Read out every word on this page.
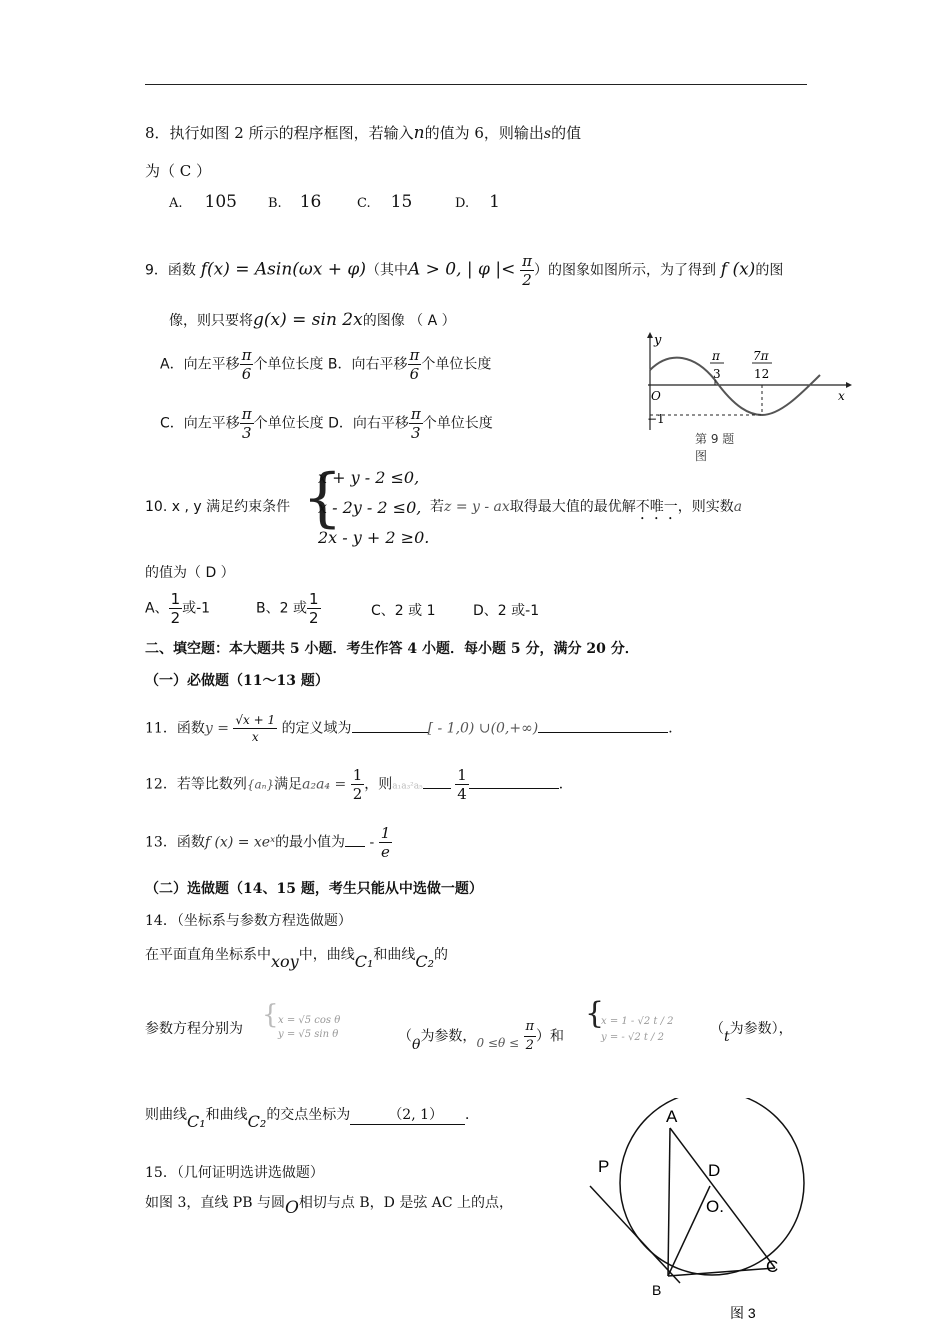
8．执行如图 2 所示的程序框图，若输入n的值为 6，则输出s的值
为（ C ）
A. 105 B. 16	C. 15	D. 1
9．函数 f(x) = Asin(ωx + φ)（其中A > 0, | φ |< $\frac{\pi}{2}$ ）的图象如图所示，为了得到 f (x)的图
像，则只要将g(x) = sin 2x的图像 （ A ）
A．向左平移 $\frac{\pi}{6}$ 个单位长度 B．向右平移 $\frac{\pi}{6}$ 个单位长度
C．向左平移 $\frac{\pi}{3}$ 个单位长度 D．向右平移 $\frac{\pi}{3}$ 个单位长度
y
x
O
π
3
7π
12
−1
第 9 题
图
10. x , y 满足约束条件 {
x + y - 2 ≤0,
x - 2y - 2 ≤0,
2x - y + 2 ≥0.
若z = y - ax取得最大值的最优解不唯一，则实数a
的值为（ D ）
A、 $\frac{1}{2}$ 或-1	B、2 或 $\frac{1}{2}$	C、2 或 1	D、2 或-1
二、填空题：本大题共 5 小题．考生作答 4 小题．每小题 5 分，满分 20 分．
（一）必做题（11～13 题）
11．函数$y = \frac{√x + 1}{x}$ 的定义域为	[ - 1,0) ∪(0,+∞)	．
12．若等比数列{aₙ}满足$a_2a_4 = \frac{1}{2}$ ，则$a_1a_3^2a_5 \frac{1}{4}$	．
13．函数f (x) = xeˣ的最小值为 - $\frac{1}{e}$
（二）选做题（14、15 题，考生只能从中选做一题）
14．（坐标系与参数方程选做题）
在平面直角坐标系中xoy中，曲线C₁和曲线C₂的
参数方程分别为 { x = √5 cos θ
y = √5 sin θ	（θ为参数，$0 \le\theta \le \frac{\pi}{2}$ ）和
{
x = 1 - √2 t / 2
y = - √2 t / 2
（t为参数），
则曲线C₁和曲线C₂的交点坐标为	（2, 1） ．
15．（几何证明选讲选做题）
如图 3，直线 PB 与圆O相切与点 B，D 是弦 AC 上的点，
A
P	D
O.
C
B
图 3
